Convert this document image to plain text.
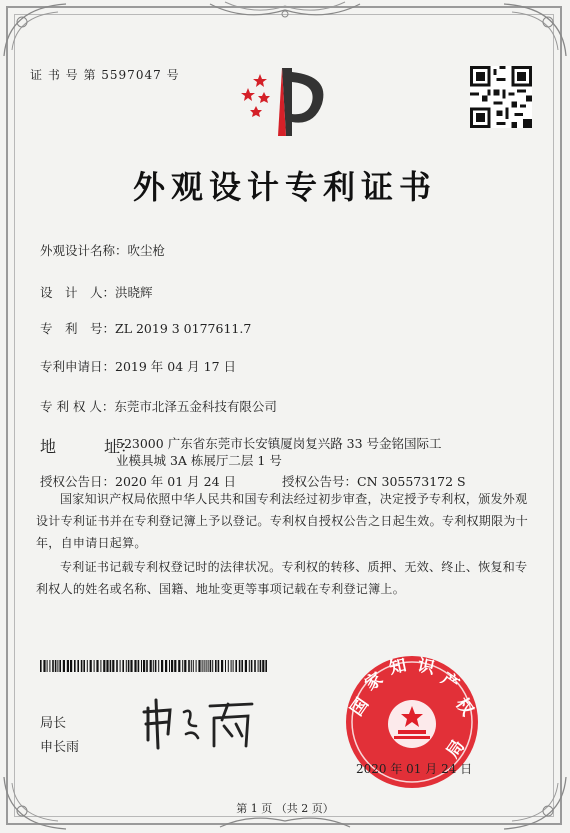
证 书 号 第 5597047 号
外观设计专利证书
外观设计名称：吹尘枪
设　计　人：洪晓辉
专　利　号：ZL 2019 3 0177611.7
专利申请日：2019 年 04 月 17 日
专 利 权 人：东莞市北泽五金科技有限公司
地　　　址：
523000 广东省东莞市长安镇厦岗复兴路 33 号金铭国际工
业模具城 3A 栋展厅二层 1 号
授权公告日：2020 年 01 月 24 日	授权公告号：CN 305573172 S
国家知识产权局依照中华人民共和国专利法经过初步审查，决定授予专利权，颁发外观设计专利证书并在专利登记簿上予以登记。专利权自授权公告之日起生效。专利权期限为十年，自申请日起算。
专利证书记载专利权登记时的法律状况。专利权的转移、质押、无效、终止、恢复和专利权人的姓名或名称、国籍、地址变更等事项记载在专利登记簿上。
局长
申长雨
国
家
知 识
产
权
局
2020 年 01 月 24 日
第 1 页 （共 2 页）
